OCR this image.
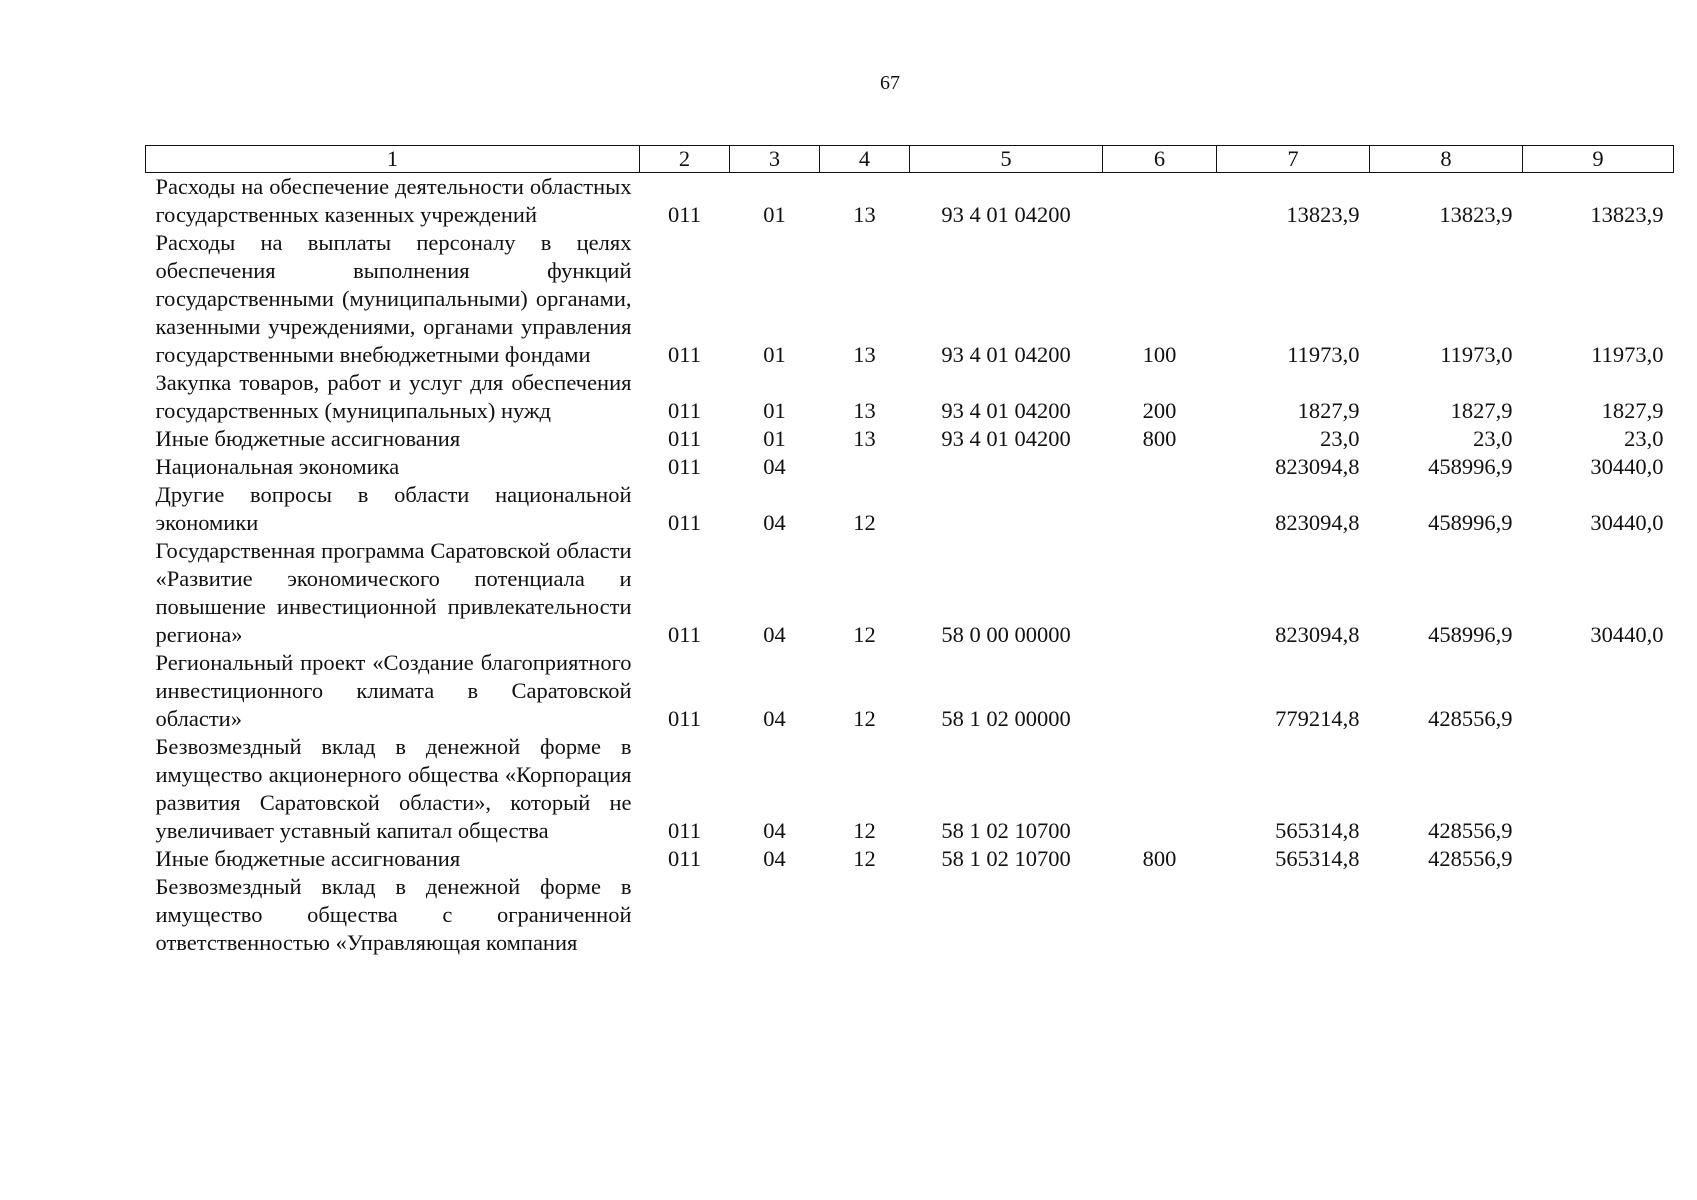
67
1	2	3	4	5	6	7	8	9
Расходы на обеспечение деятельности областных государственных казенных учреждений	011	01	13	93 4 01 04200		13823,9	13823,9	13823,9
Расходы на выплаты персоналу в целях обеспечения выполнения функций государственными (муниципальными) органами, казенными учреждениями, органами управления государственными внебюджетными фондами	011	01	13	93 4 01 04200	100	11973,0	11973,0	11973,0
Закупка товаров, работ и услуг для обеспечения государственных (муниципальных) нужд	011	01	13	93 4 01 04200	200	1827,9	1827,9	1827,9
Иные бюджетные ассигнования	011	01	13	93 4 01 04200	800	23,0	23,0	23,0
Национальная экономика	011	04				823094,8	458996,9	30440,0
Другие вопросы в области национальной экономики	011	04	12			823094,8	458996,9	30440,0
Государственная программа Саратовской области «Развитие экономического потенциала и повышение инвестиционной привлекательности региона»	011	04	12	58 0 00 00000		823094,8	458996,9	30440,0
Региональный проект «Создание благоприятного инвестиционного климата в Саратовской области»	011	04	12	58 1 02 00000		779214,8	428556,9	
Безвозмездный вклад в денежной форме в имущество акционерного общества «Корпорация развития Саратовской области», который не увеличивает уставный капитал общества	011	04	12	58 1 02 10700		565314,8	428556,9	
Иные бюджетные ассигнования	011	04	12	58 1 02 10700	800	565314,8	428556,9	
Безвозмездный вклад в денежной форме в имущество общества с ограниченной ответственностью «Управляющая компания								
